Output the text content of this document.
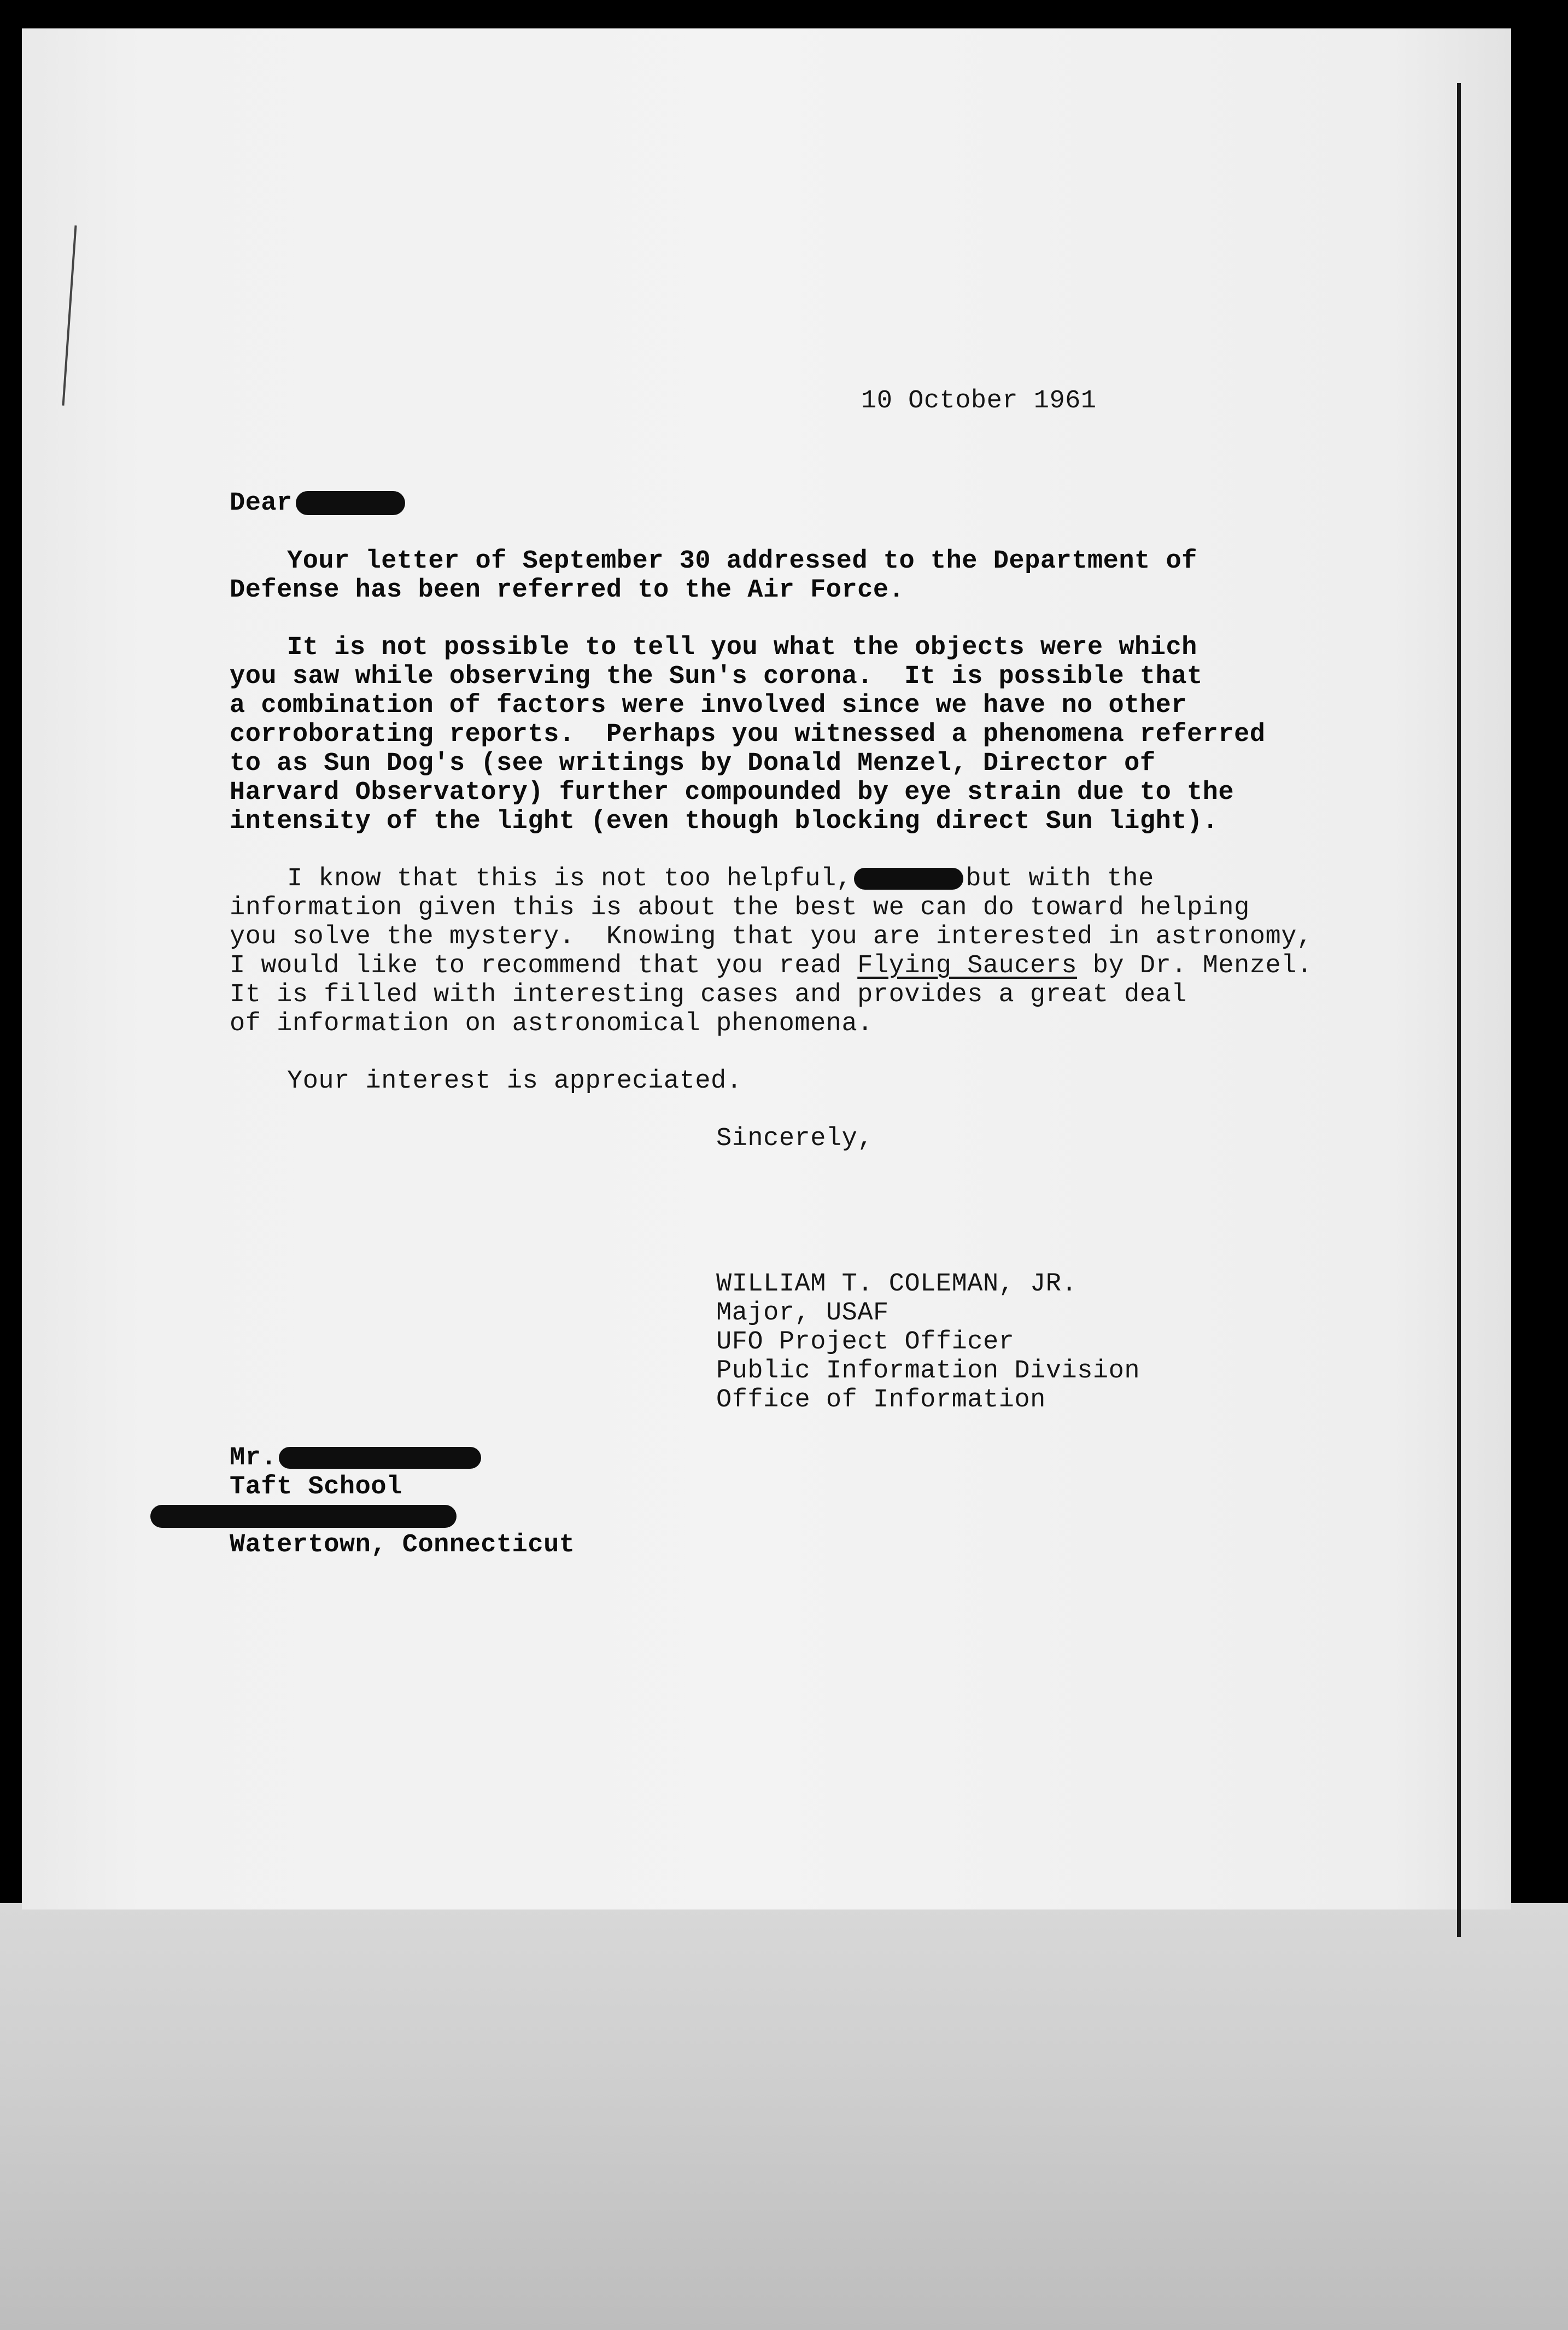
10 October 1961
Dear
Your letter of September 30 addressed to the Department of
Defense has been referred to the Air Force.
It is not possible to tell you what the objects were which
you saw while observing the Sun's corona.  It is possible that
a combination of factors were involved since we have no other
corroborating reports.  Perhaps you witnessed a phenomena referred
to as Sun Dog's (see writings by Donald Menzel, Director of
Harvard Observatory) further compounded by eye strain due to the
intensity of the light (even though blocking direct Sun light).
I know that this is not too helpful,	but with the
information given this is about the best we can do toward helping
you solve the mystery.  Knowing that you are interested in astronomy,
I would like to recommend that you read Flying Saucers by Dr. Menzel.
It is filled with interesting cases and provides a great deal
of information on astronomical phenomena.
Your interest is appreciated.
Sincerely,
WILLIAM T. COLEMAN, JR.
Major, USAF
UFO Project Officer
Public Information Division
Office of Information
Mr.
Taft School
Watertown, Connecticut
